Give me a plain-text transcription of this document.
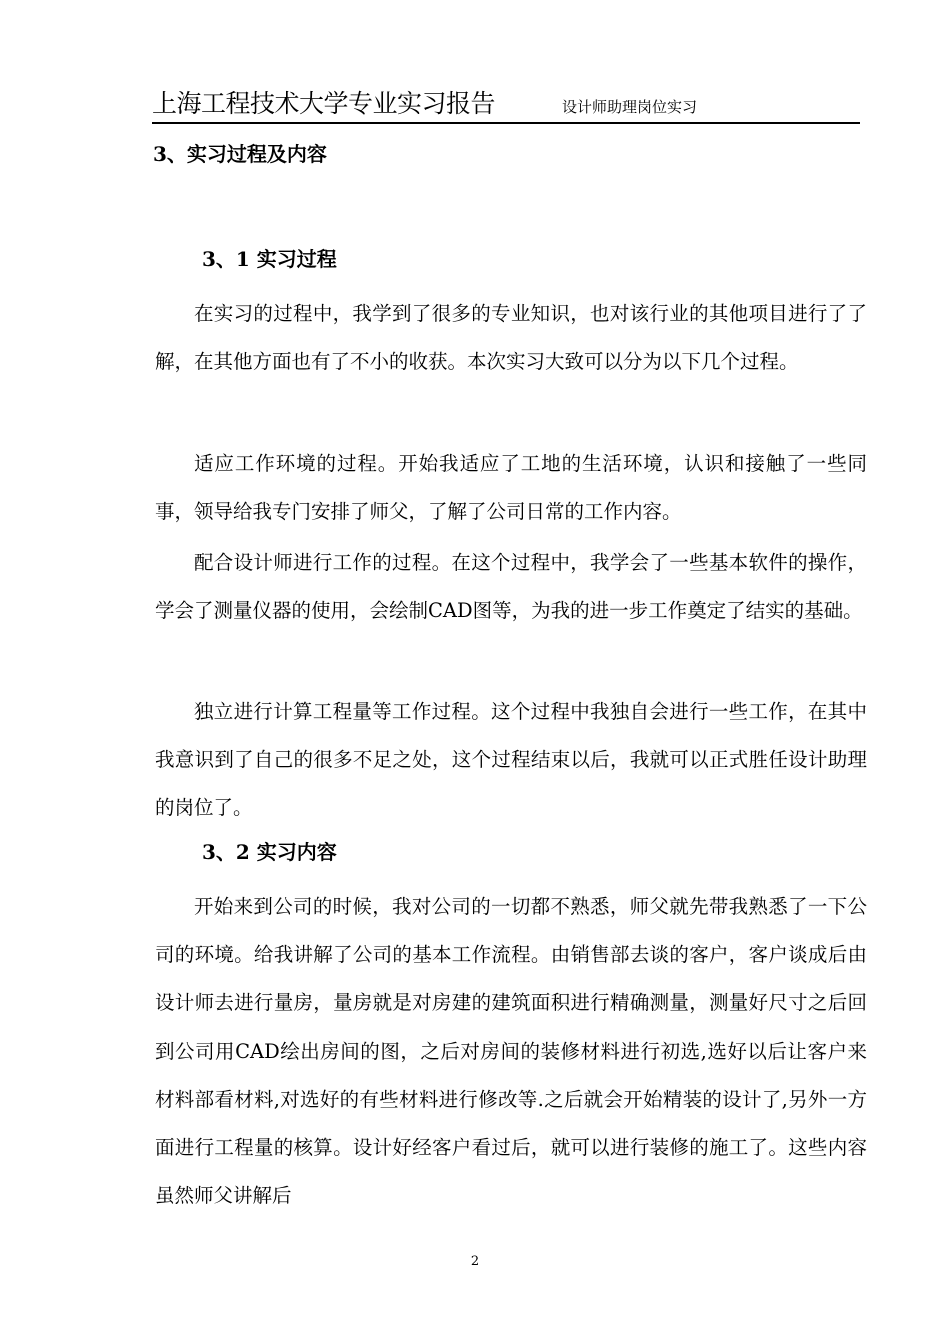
上海工程技术大学专业实习报告	设计师助理岗位实习
3、实习过程及内容
3、1 实习过程

在实习的过程中，我学到了很多的专业知识，也对该行业的其他项目进行了了解，在其他方面也有了不小的收获。本次实习大致可以分为以下几个过程。

适应工作环境的过程。开始我适应了工地的生活环境，认识和接触了一些同事，领导给我专门安排了师父，了解了公司日常的工作内容。

配合设计师进行工作的过程。在这个过程中，我学会了一些基本软件的操作，学会了测量仪器的使用，会绘制CAD图等，为我的进一步工作奠定了结实的基础。

独立进行计算工程量等工作过程。这个过程中我独自会进行一些工作，在其中我意识到了自己的很多不足之处，这个过程结束以后，我就可以正式胜任设计助理的岗位了。

3、2 实习内容

开始来到公司的时候，我对公司的一切都不熟悉，师父就先带我熟悉了一下公司的环境。给我讲解了公司的基本工作流程。由销售部去谈的客户，客户谈成后由设计师去进行量房，量房就是对房建的建筑面积进行精确测量，测量好尺寸之后回到公司用CAD绘出房间的图，之后对房间的装修材料进行初选,选好以后让客户来材料部看材料,对选好的有些材料进行修改等.之后就会开始精装的设计了,另外一方面进行工程量的核算。设计好经客户看过后，就可以进行装修的施工了。这些内容虽然师父讲解后

2
